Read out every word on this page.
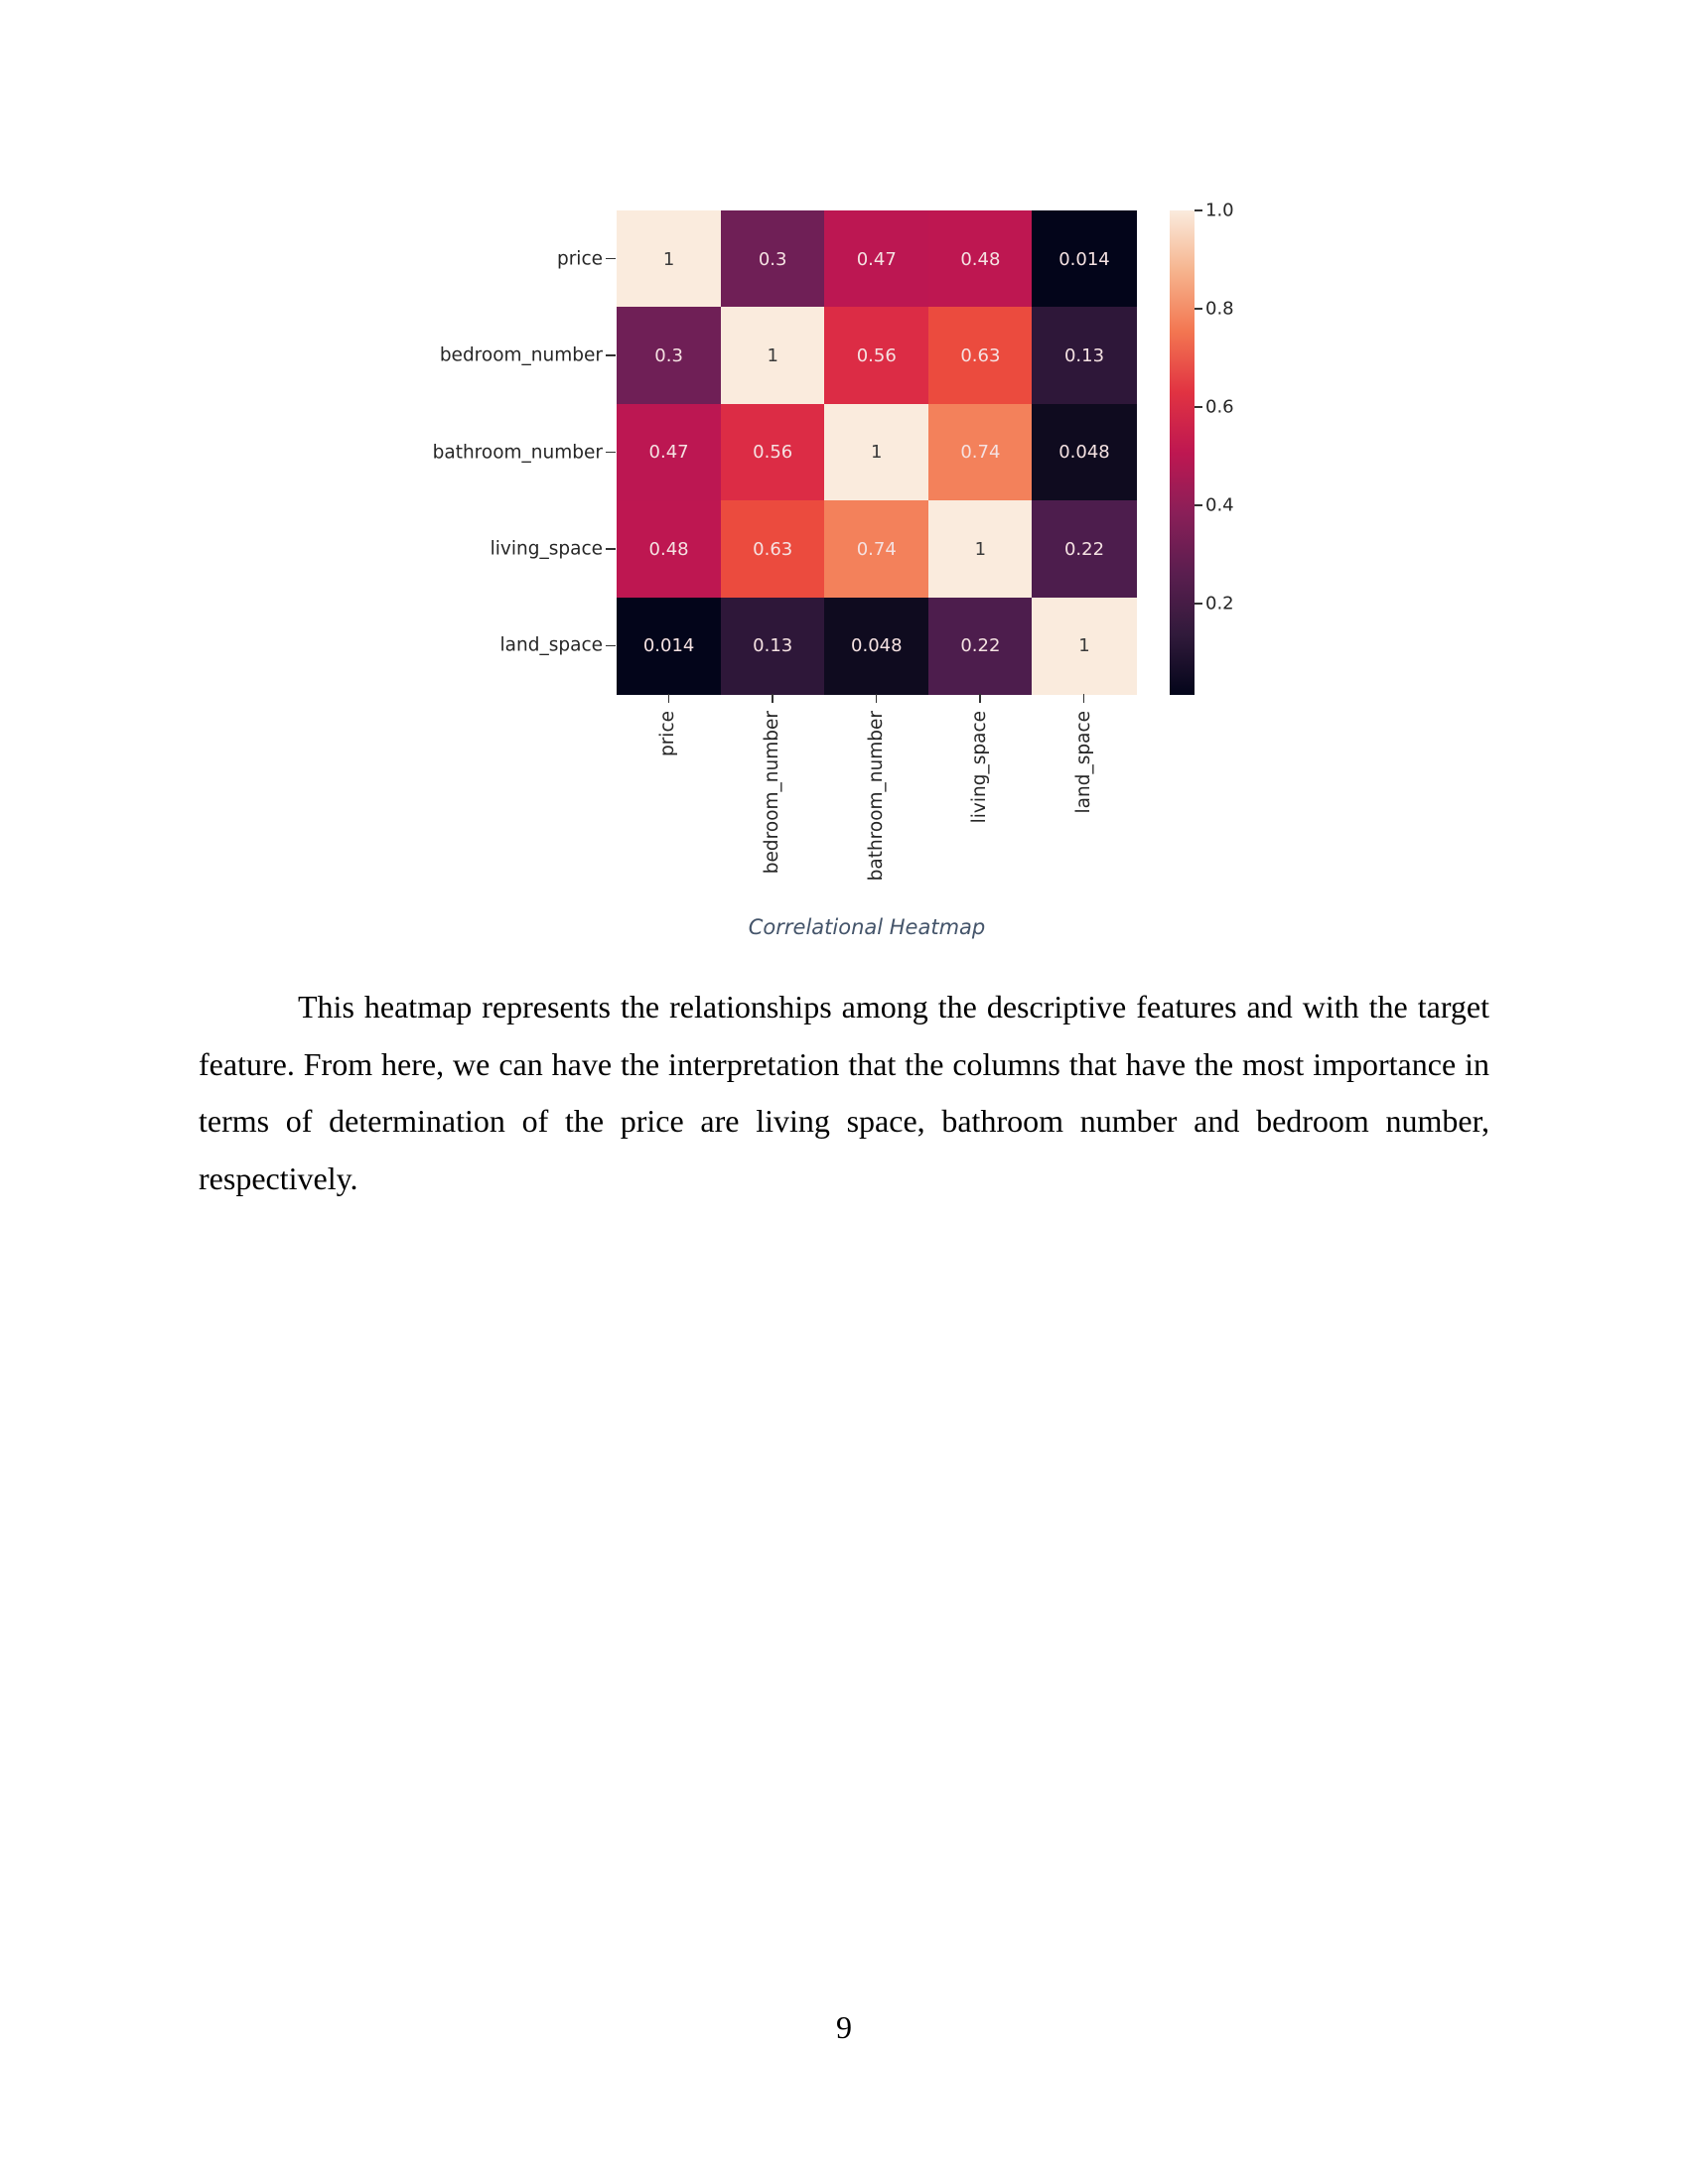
1	0.3	0.47	0.48	0.014
0.3	1	0.56	0.63	0.13
0.47	0.56	1	0.74	0.048
0.48	0.63	0.74	1	0.22
0.014	0.13	0.048	0.22	1
price
bedroom_number
bathroom_number
living_space
land_space
price	bedroom_number	bathroom_number	living_space	land_space
1.0
0.8
0.6
0.4
0.2
Correlational Heatmap

This heatmap represents the relationships among the descriptive features and with the target feature. From here, we can have the interpretation that the columns that have the most importance in terms of determination of the price are living space, bathroom number and bedroom number, respectively.

9
